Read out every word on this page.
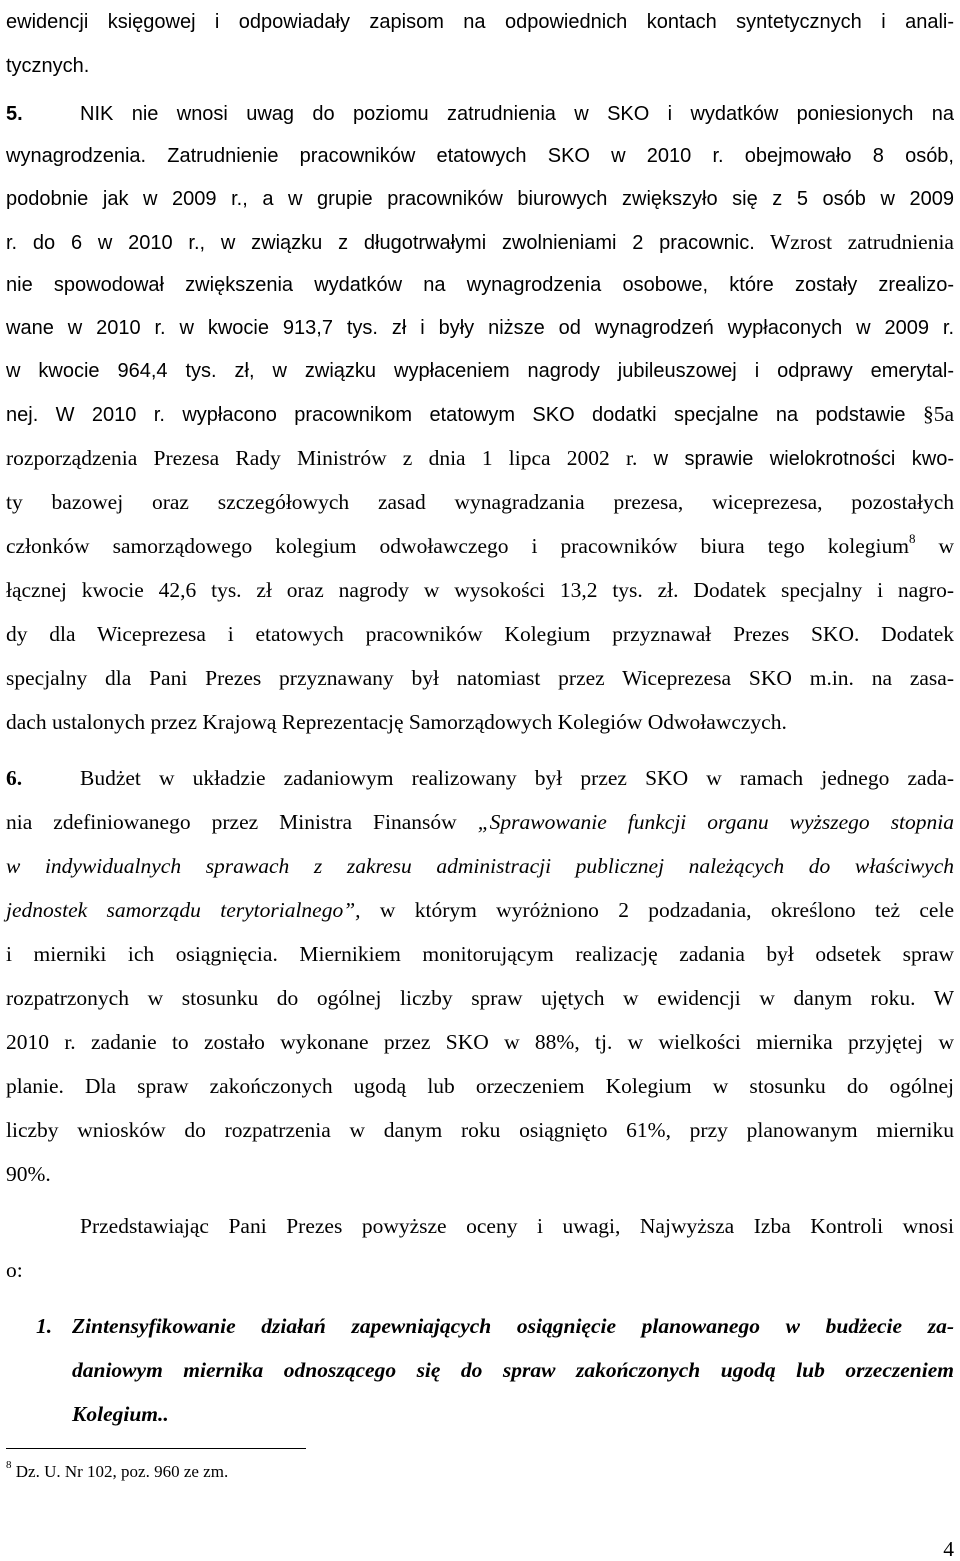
ewidencji księgowej i odpowiadały zapisom na odpowiednich kontach syntetycznych i anali-
tycznych.
5.	NIK nie wnosi uwag do poziomu zatrudnienia w SKO i wydatków poniesionych na
wynagrodzenia. Zatrudnienie pracowników etatowych SKO w 2010 r. obejmowało 8 osób,
podobnie jak w 2009 r., a w grupie pracowników biurowych zwiększyło się z 5 osób w 2009
r. do 6 w 2010 r., w związku z długotrwałymi zwolnieniami 2 pracownic. Wzrost zatrudnienia
nie spowodował zwiększenia wydatków na wynagrodzenia osobowe, które zostały zrealizo-
wane w 2010 r. w kwocie 913,7 tys. zł i były niższe od wynagrodzeń wypłaconych w 2009 r.
w kwocie 964,4 tys. zł, w związku wypłaceniem nagrody jubileuszowej i odprawy emerytal-
nej. W 2010 r. wypłacono pracownikom etatowym SKO dodatki specjalne na podstawie §5a
rozporządzenia Prezesa Rady Ministrów z dnia 1 lipca 2002 r. w sprawie wielokrotności kwo-
ty bazowej oraz szczegółowych zasad wynagradzania prezesa, wiceprezesa, pozostałych
członków samorządowego kolegium odwoławczego i pracowników biura tego kolegium$^8$ w
łącznej kwocie 42,6 tys. zł oraz nagrody w wysokości 13,2 tys. zł. Dodatek specjalny i nagro-
dy dla Wiceprezesa i etatowych pracowników Kolegium przyznawał Prezes SKO. Dodatek
specjalny dla Pani Prezes przyznawany był natomiast przez Wiceprezesa SKO m.in. na zasa-
dach ustalonych przez Krajową Reprezentację Samorządowych Kolegiów Odwoławczych.
6.	Budżet w układzie zadaniowym realizowany był przez SKO w ramach jednego zada-
nia zdefiniowanego przez Ministra Finansów „Sprawowanie funkcji organu wyższego stopnia
w indywidualnych sprawach z zakresu administracji publicznej należących do właściwych
jednostek samorządu terytorialnego”, w którym wyróżniono 2 podzadania, określono też cele
i mierniki ich osiągnięcia. Miernikiem monitorującym realizację zadania był odsetek spraw
rozpatrzonych w stosunku do ogólnej liczby spraw ujętych w ewidencji w danym roku. W
2010 r. zadanie to zostało wykonane przez SKO w 88%, tj. w wielkości miernika przyjętej w
planie. Dla spraw zakończonych ugodą lub orzeczeniem Kolegium w stosunku do ogólnej
liczby wniosków do rozpatrzenia w danym roku osiągnięto 61%, przy planowanym mierniku
90%.
Przedstawiając Pani Prezes powyższe oceny i uwagi, Najwyższa Izba Kontroli wnosi
o:
1. Zintensyfikowanie działań zapewniających osiągnięcie planowanego w budżecie za-
daniowym miernika odnoszącego się do spraw zakończonych ugodą lub orzeczeniem
Kolegium..
$^8$ Dz. U. Nr 102, poz. 960 ze zm.
4
